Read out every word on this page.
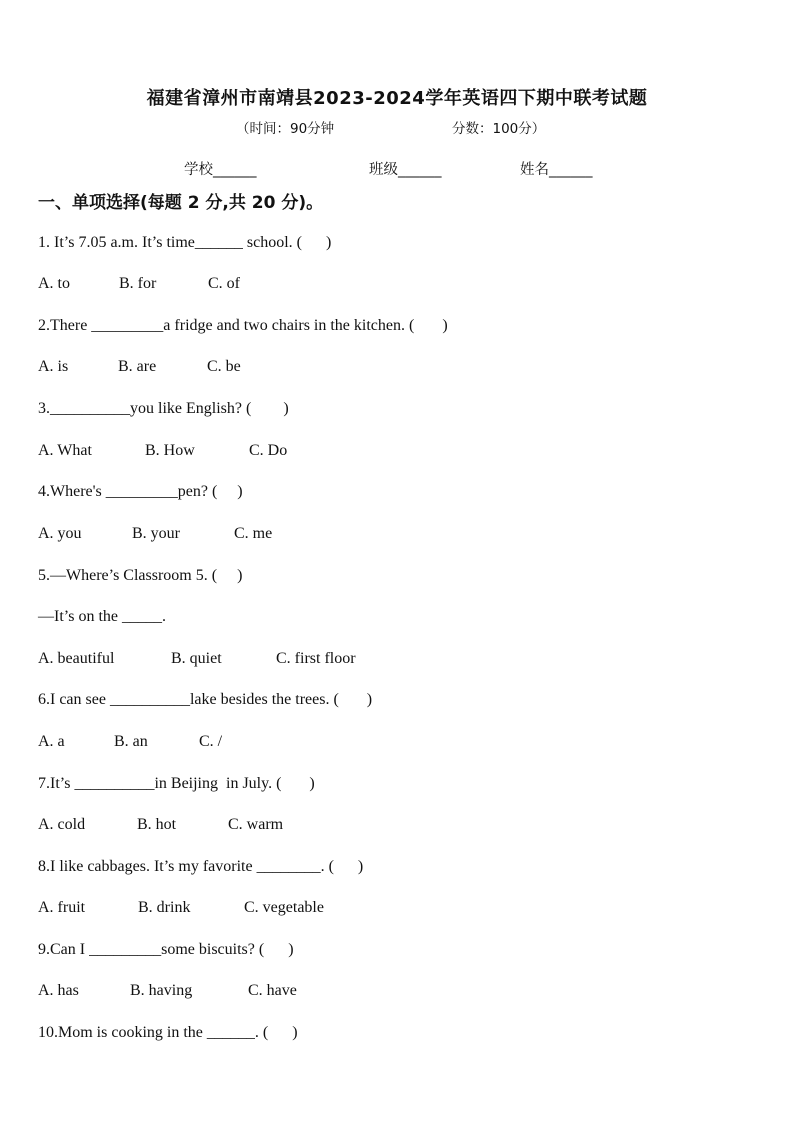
福建省漳州市南靖县2023-2024学年英语四下期中联考试题
（时间：90分钟	分数：100分）
学校______	班级______	姓名______
一、单项选择(每题 2 分,共 20 分)。
1. It’s 7.05 a.m. It’s time______ school. (      )
A. to	B. for	C. of
2.There _________a fridge and two chairs in the kitchen. (       )
A. is	B. are	C. be
3.__________you like English? (        )
A. What	B. How	C. Do
4.Where's _________pen? (     )
A. you	B. your	C. me
5.—Where’s Classroom 5. (     )
—It’s on the _____.
A. beautiful	B. quiet	C. first floor
6.I can see __________lake besides the trees. (       )
A. a	B. an	C. /
7.It’s __________in Beijing  in July. (       )
A. cold	B. hot	C. warm
8.I like cabbages. It’s my favorite ________. (      )
A. fruit	B. drink	C. vegetable
9.Can I _________some biscuits? (      )
A. has	B. having	C. have
10.Mom is cooking in the ______. (      )
